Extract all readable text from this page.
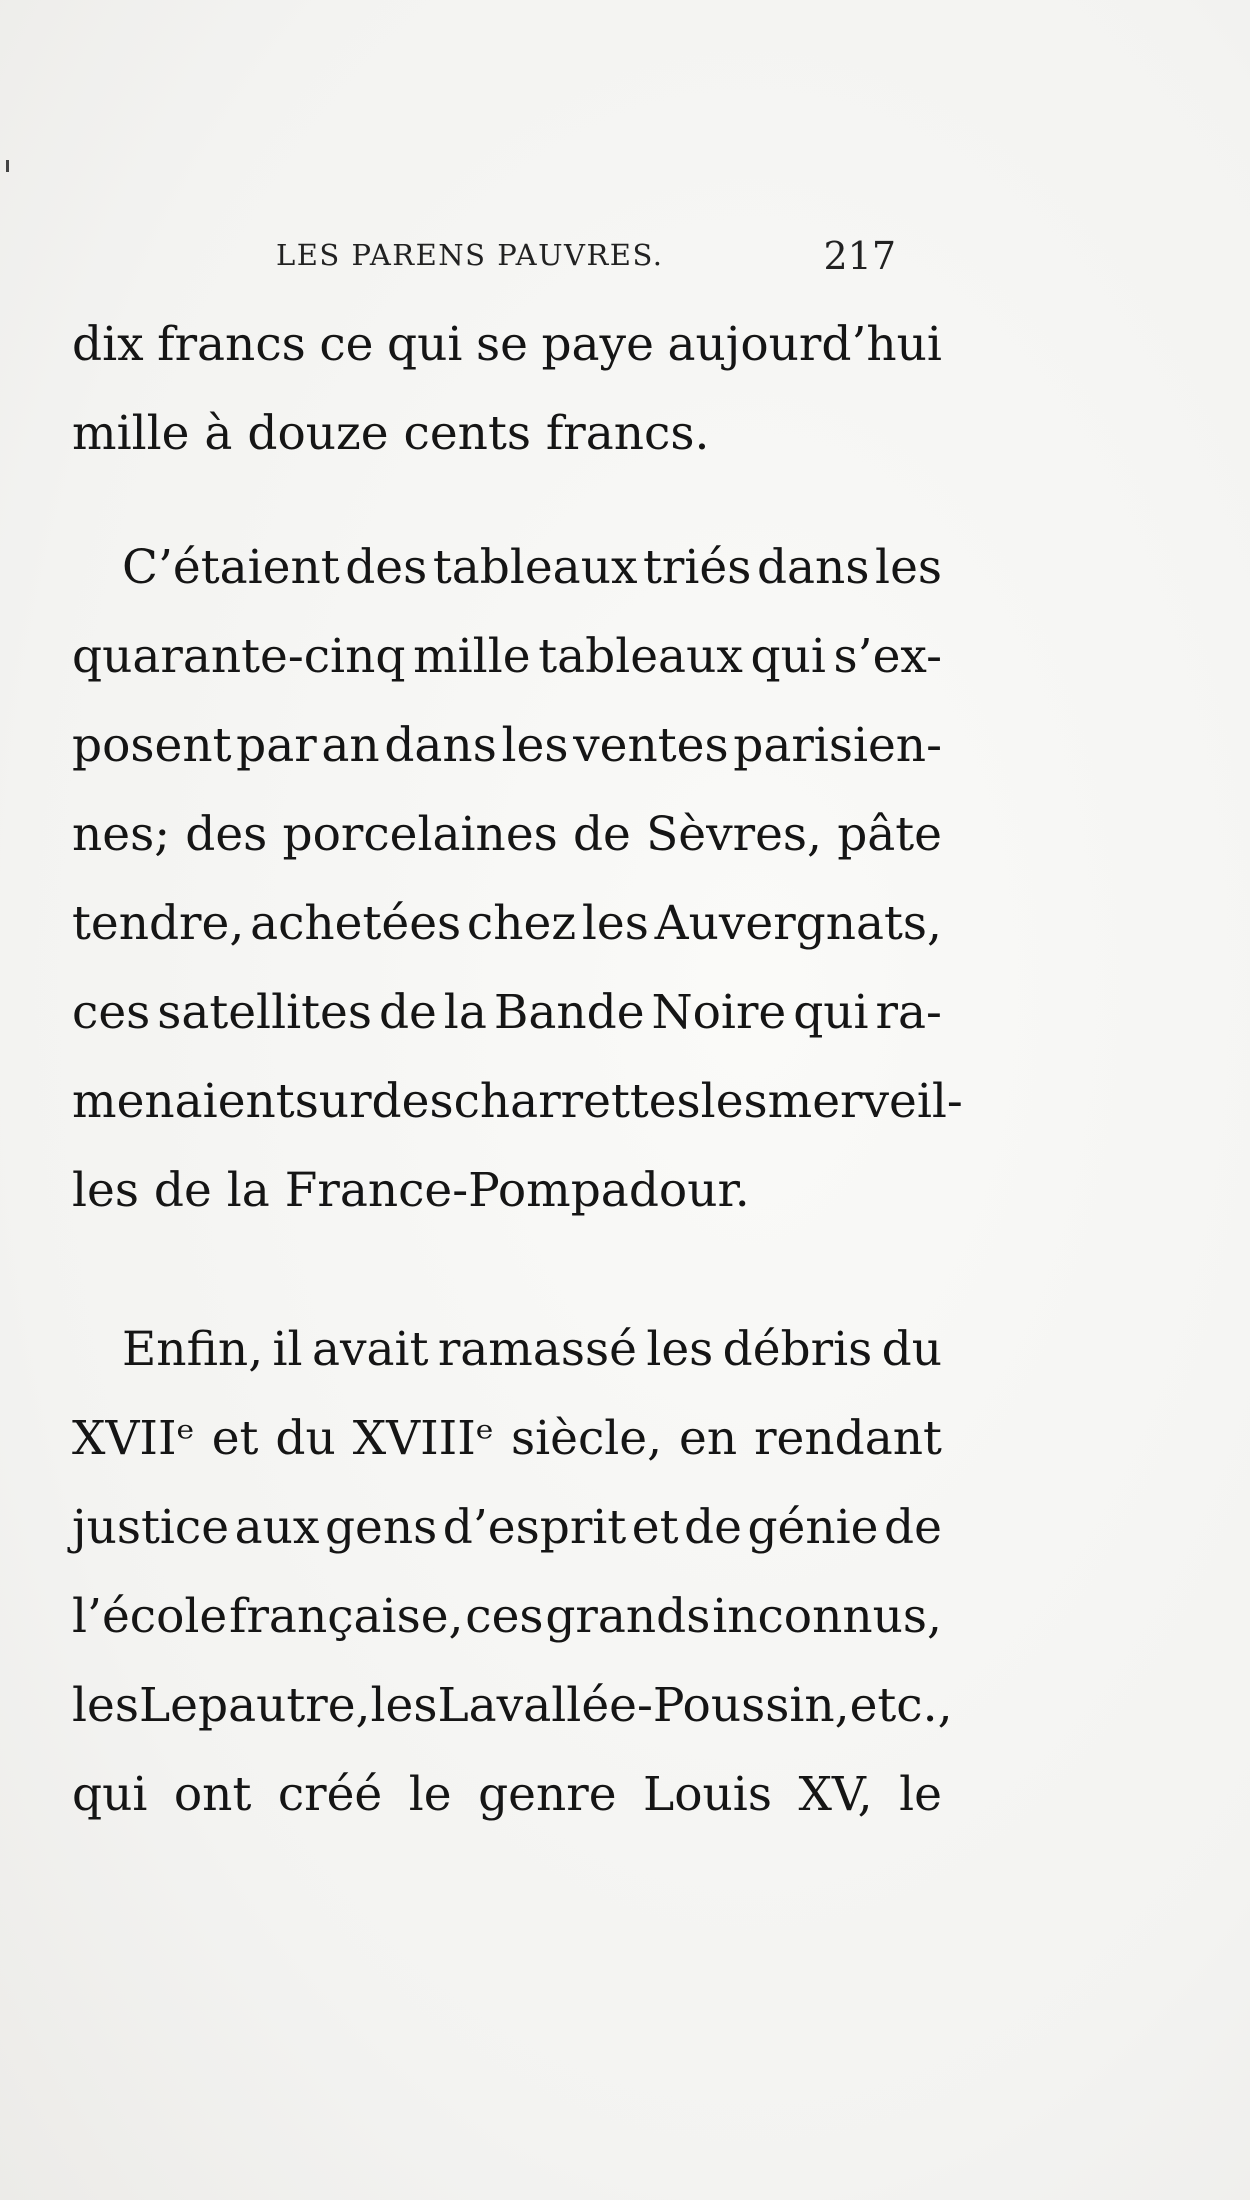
LES PARENS PAUVRES.	217
dix francs ce qui se paye aujourd’hui
mille à douze cents francs.
C’étaient des tableaux triés dans les
quarante-cinq mille tableaux qui s’ex-
posent par an dans les ventes parisien-
nes; des porcelaines de Sèvres, pâte
tendre, achetées chez les Auvergnats,
ces satellites de la Bande Noire qui ra-
menaient sur des charrettes les merveil-
les de la France-Pompadour.
Enfin, il avait ramassé les débris du
XVIIᵉ et du XVIIIᵉ siècle, en rendant
justice aux gens d’esprit et de génie de
l’école française, ces grands inconnus,
les Lepautre, les Lavallée-Poussin, etc.,
qui ont créé le genre Louis XV, le
